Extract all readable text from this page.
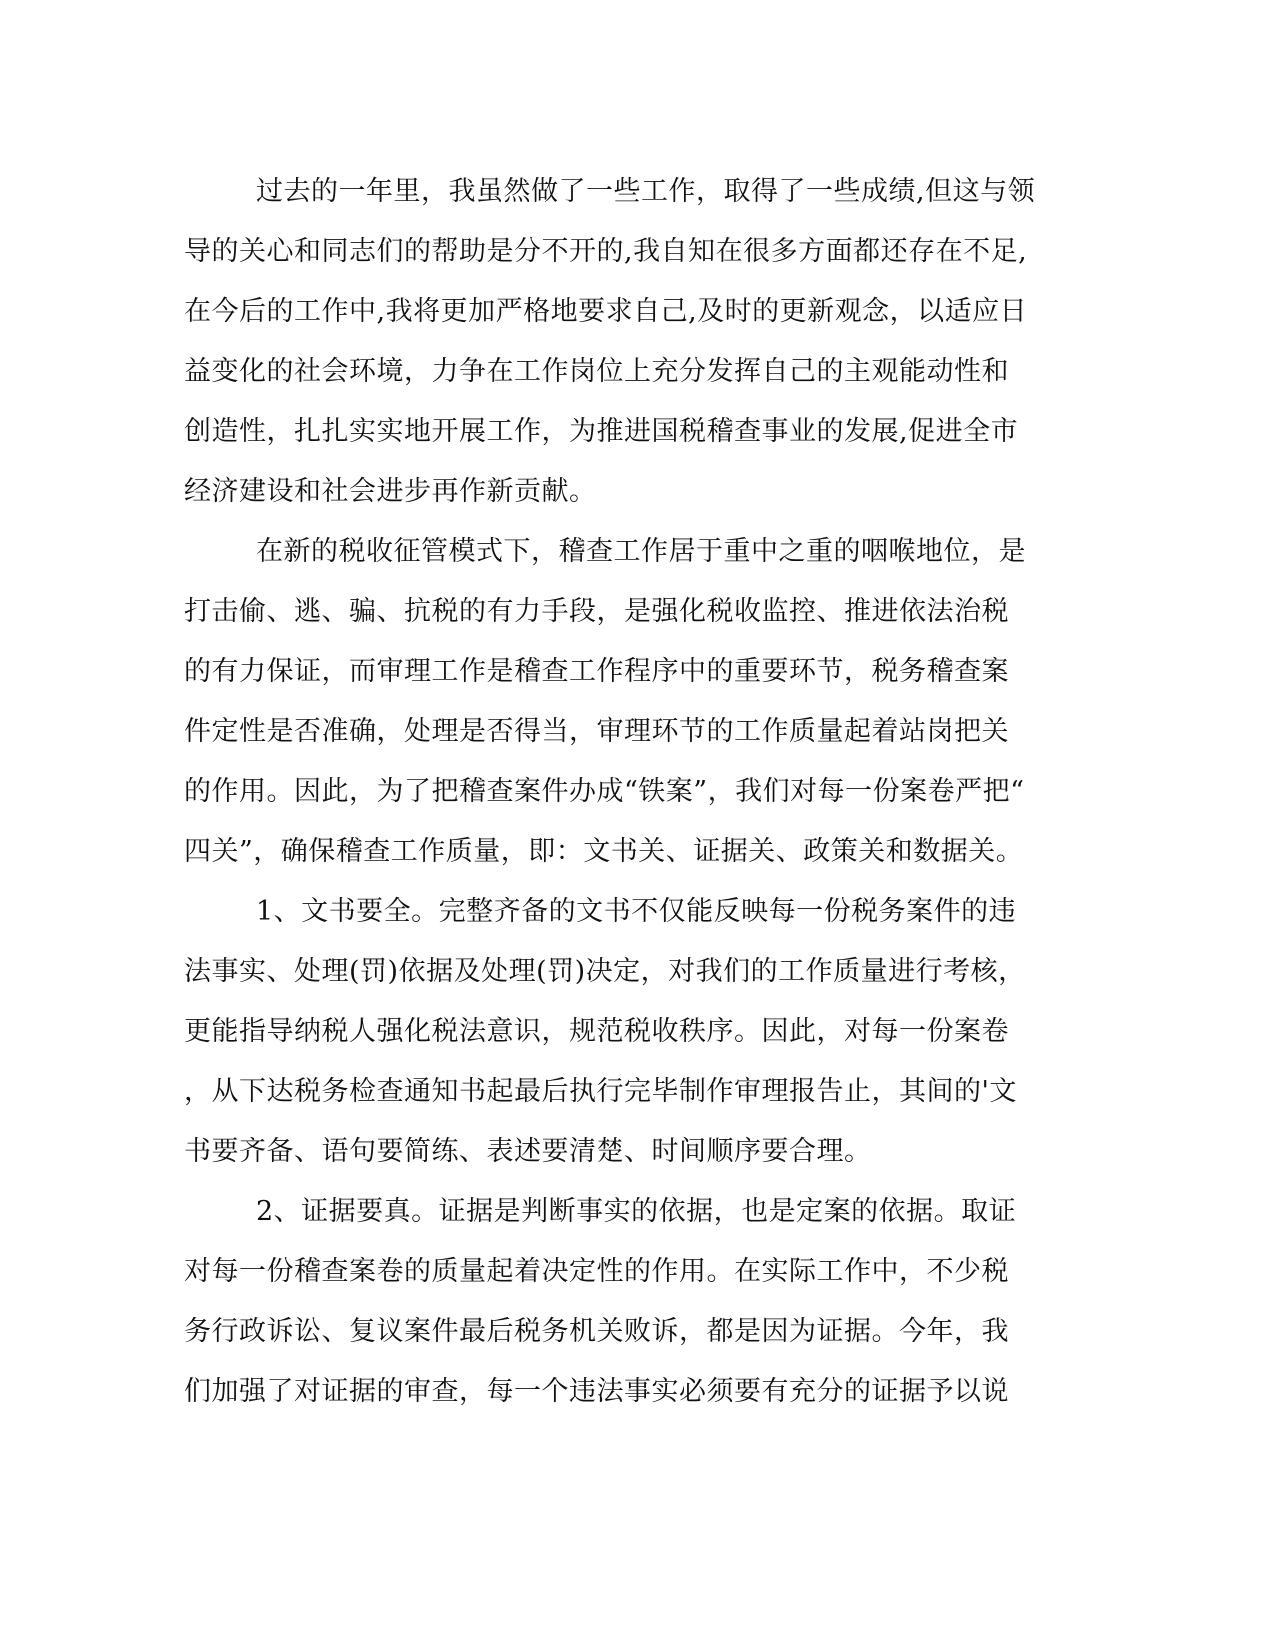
过去的一年里，我虽然做了一些工作，取得了一些成绩,但这与领
导的关心和同志们的帮助是分不开的,我自知在很多方面都还存在不足,
在今后的工作中,我将更加严格地要求自己,及时的更新观念，以适应日
益变化的社会环境，力争在工作岗位上充分发挥自己的主观能动性和
创造性，扎扎实实地开展工作，为推进国税稽查事业的发展,促进全市
经济建设和社会进步再作新贡献。
在新的税收征管模式下，稽查工作居于重中之重的咽喉地位，是
打击偷、逃、骗、抗税的有力手段，是强化税收监控、推进依法治税
的有力保证，而审理工作是稽查工作程序中的重要环节，税务稽查案
件定性是否准确，处理是否得当，审理环节的工作质量起着站岗把关
的作用。因此，为了把稽查案件办成“铁案”，我们对每一份案卷严把“
四关”，确保稽查工作质量，即：文书关、证据关、政策关和数据关。
1、文书要全。完整齐备的文书不仅能反映每一份税务案件的违
法事实、处理(罚)依据及处理(罚)决定，对我们的工作质量进行考核，
更能指导纳税人强化税法意识，规范税收秩序。因此，对每一份案卷
，从下达税务检查通知书起最后执行完毕制作审理报告止，其间的'文
书要齐备、语句要简练、表述要清楚、时间顺序要合理。
2、证据要真。证据是判断事实的依据，也是定案的依据。取证
对每一份稽查案卷的质量起着决定性的作用。在实际工作中，不少税
务行政诉讼、复议案件最后税务机关败诉，都是因为证据。今年，我
们加强了对证据的审查，每一个违法事实必须要有充分的证据予以说
